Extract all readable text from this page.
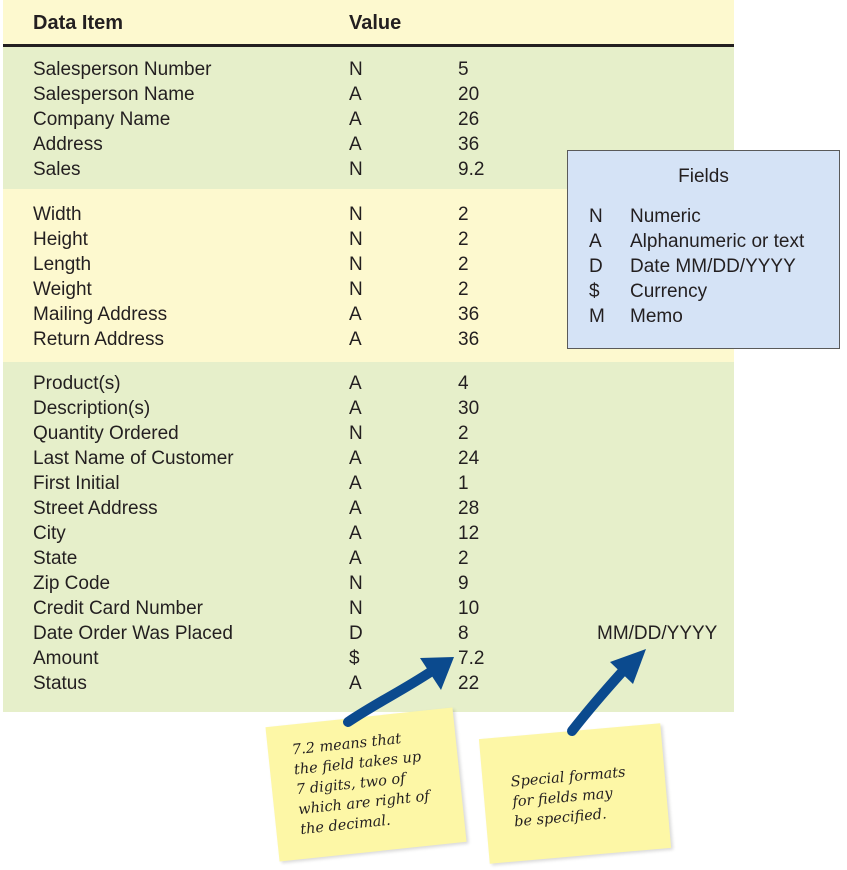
Data Item	Value
Salesperson Number	N	5
Salesperson Name	A	20
Company Name	A	26
Address	A	36
Sales	N	9.2
Width	N	2
Height	N	2
Length	N	2
Weight	N	2
Mailing Address	A	36
Return Address	A	36
Product(s)	A	4
Description(s)	A	30
Quantity Ordered	N	2
Last Name of Customer	A	24
First Initial	A	1
Street Address	A	28
City	A	12
State	A	2
Zip Code	N	9
Credit Card Number	N	10
Date Order Was Placed	D	8	MM/DD/YYYY
Amount	$	7.2
Status	A	22
Fields
N Numeric
A Alphanumeric or text
D Date MM/DD/YYYY
$ Currency
M Memo
7.2 means that
the field takes up
7 digits, two of
which are right of
the decimal.
Special formats
for fields may
be specified.
